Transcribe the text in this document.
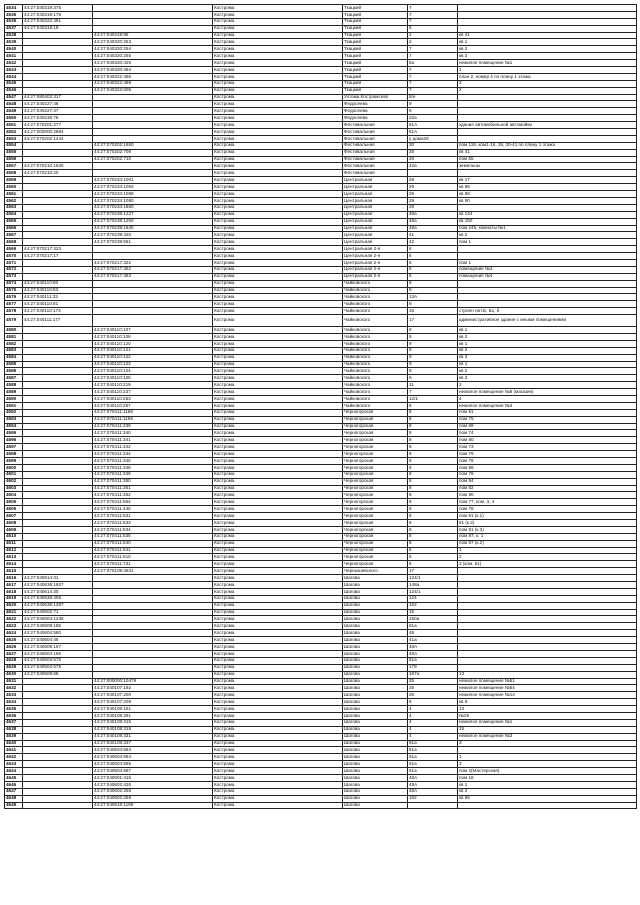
4534	44:27:040319:375		Кострома	Ткацкий	7	
4535	44:27:040319:176		Кострома	Ткацкий	7	
4536	44:27:040322:491		Кострома	Ткацкий	7	
4537	44:27:040318:19		Кострома	Ткацкий	6	
4538		44:27:040319:95	Кострома	Ткацкий	2	кв 41
4539		44:27:040320:253	Кострома	Ткацкий	2	кв 1
4540		44:27:040320:254	Кострома	Ткацкий	7	кв 2
4541		44:27:040320:255	Кострома	Ткацкий	7	кв 3
4542		44:27:040320:425	Кострома	Ткацкий	5а	нежилое помещение №1
4543		44:27:040320:484	Кострома	Ткацкий	7	1
4544		44:27:040322:486	Кострома	Ткацкий	7	план 2, номер 4 по плану 1 этажа
4545		44:27:040322:488	Кострома	Ткацкий	7	3
4546		44:27:040322:605	Кострома	Ткацкий	7	2
4547	44:27:080402:317		Кострома	Ухтома Костромской	8/н	
4548	44:27:040227:48		Кострома	Федосеева	9	
4549	44:27:040227:47		Кострома	Федосеева	9	
4550	44:27:040235:78		Кострома	Федосеева	22а	
4551	44:27:070201:277		Кострома	Фестивальная	61А	здание автомобильной автомойки
4552	44:27:000000:2884		Кострома	Фестивальная	61А	
4553	44:27:070202:1444		Кострома	Фестивальная	у дома28	
4554		44:27:070202:1650	Кострома	Фестивальная	30	пом 119, ком1-16, 19, 30-41 по плану 1 этажа
4555		44:27:070202:709	Кострома	Фестивальная	26	кв 41
4556		44:27:070202:710	Кострома	Фестивальная	26	пом 55
4557	44:27:070210:1626		Кострома	Фестивальная	42а	земельны
4558	44:27:070210:20		Кострома	Фестивальная		
4559		44:27:070234:1001	Кострома	Центральная	29	кв 17
4560		44:27:070234:1083	Кострома	Центральная	29	кв 85
4561		44:27:070234:1089	Кострома	Центральная	29	кв 88
4562		44:27:070234:1090	Кострома	Центральная	29	кв 90
4563		44:27:070234:1860	Кострома	Центральная	29	
4564		44:27:070238:1227	Кострома	Центральная	48а	кв 144
4565		44:27:070238:1250	Кострома	Центральная	48а	кв 150
4566		44:27:070239:1840	Кострома	Центральная	48а	пом 245, комнаты №1
4567		44:27:070239:420	Кострома	Центральная	41	кв 2
4568		44:27:070239:551	Кострома	Центральная	42	пом 1
4569	44:27:070217:323		Кострома	Центральная 2-я	6	
4570	44:27:070217:17		Кострома	Центральная 2-я	6	
4571		44:27:070217:322	Кострома	Центральная 2-я	6	пом 1
4572		44:27:070217:362	Кострома	Центральная 2-я	6	помещение №3
4573		44:27:070217:363	Кострома	Центральная 2-я	6	помещение №4
4574	44:27:040110:80		Кострома	Чайковского	9	
4575	44:27:040110:83		Кострома	Чайковского	9	
4576	44:27:040111:33		Кострома	Чайковского	13А	
4577	44:27:040110:81		Кострома	Чайковского	9	
4578	44:27:040110:173		Кострома	Чайковского	16	строен лит.Б, Б1, б
4579	44:27:040111:177		Кострома	Чайковского	17	административное здание с иными помещениями
4580		44:27:040110:107	Кострома	Чайковского	9	кв 1
4581		44:27:040110:108	Кострома	Чайковского	9	кв 2
4582		44:27:040110:120	Кострома	Чайковского	9	кв 1
4583		44:27:040110:121	Кострома	Чайковского	9	кв 2
4584		44:27:040110:122	Кострома	Чайковского	9	кв 3
4585		44:27:040110:123	Кострома	Чайковского	9	кв 1
4586		44:27:040110:124	Кострома	Чайковского	9	кв 2
4587		44:27:040110:125	Кострома	Чайковского	9	кв 3
4588		44:27:040110:219	Кострома	Чайковского	11	2
4589		44:27:040110:237	Кострома	Чайковского	7	нежилое помещение №8 (магазин)
4590		44:27:040110:253	Кострома	Чайковского	12/1	4
4591		44:27:040110:257	Кострома	Чайковского	6	нежилое помещение №4
4592		44:27:070411:1168	Кострома	Черногорская	8	пом 81
4593		44:27:070411:1169	Кострома	Черногорская	8	пом 75
4594		44:27:070411:339	Кострома	Черногорская	8	пом 69
4595		44:27:070411:340	Кострома	Черногорская	8	пом 74
4596		44:27:070411:341	Кострома	Черногорская	8	пом 80
4597		44:27:070411:342	Кострома	Черногорская	8	пом 73
4598		44:27:070411:344	Кострома	Черногорская	8	пом 79
4599		44:27:070411:345	Кострома	Черногорская	8	пом 76
4600		44:27:070411:348	Кострома	Черногорская	8	пом 86
4601		44:27:070411:349	Кострома	Черногорская	8	пом 78
4602		44:27:070411:350	Кострома	Черногорская	8	пом 84
4603		44:27:070411:351	Кострома	Черногорская	8	пом 82
4604		44:27:070411:352	Кострома	Черногорская	8	пом 90
4605		44:27:070411:554	Кострома	Черногорская	8	пом 77, ком. 3, 4
4606		44:27:070411:445	Кострома	Черногорская	8	пом 78
4607		44:27:070411:531	Кострома	Черногорская	8	пом 81 (к.1)
4608		44:27:070411:533	Кострома	Черногорская	8	81 (к.2)
4609		44:27:070411:534	Кострома	Черногорская	8	пом 81 (к.3)
4610		44:27:070411:535	Кострома	Черногорская	8	пом 87, к. 1
4611		44:27:070411:540	Кострома	Черногорская	8	пом 87 (к.2)
4612		44:27:070411:541	Кострома	Черногорская	6	1
4613		44:27:070411:610	Кострома	Черногорская	6	2
4614		44:27:070411:731	Кострома	Черногорская	6	3 (ком. 61)
4615		44:27:070109:4631	Кострома	Чернышевского	17	
4616	44:27:040614:31		Кострома	Шагова	124/1	
4617	44:27:040636:1627		Кострома	Шагова	148а	
4618	44:27:040614:30		Кострома	Шагова	124/1	
4619	44:27:040635:406		Кострома	Шагова	124	
4620	44:27:040636:1287		Кострома	Шагова	152	
4621	44:27:040502:71		Кострома	Шагова	15	
4622	44:27:040604:1238		Кострома	Шагова	150а	
4623	44:27:040609:185		Кострома	Шагова	61а	
4624	44:27:040604:580		Кострома	Шагова	48	
4625	44:27:040504:45		Кострома	Шагова	41а	
4626	44:27:040609:167		Кострома	Шагова	48А	
4627	44:27:040604:166		Кострома	Шагова	48А	
4628	44:27:040504:575		Кострома	Шагова	61а	
4629	44:27:040504:575		Кострома	Шагова	179	
4630	44:27:040608:68		Кострома	Шагова	197а	13
4631		44:27:000000:10479	Кострома	Шагова	25	нежилое помещение №51
4632		44:27:040107:192	Кострома	Шагова	25	нежилое помещение №54
4633		44:27:040107:200	Кострома	Шагова	25	нежилое помещение №14
4634		44:27:040107:209	Кострома	Шагова	6	кв 8
4635		44:27:040108:151	Кострома	Шагова	4	13
4636		44:27:040108:291	Кострома	Шагова	4	№29
4637		44:27:040108:315	Кострома	Шагова	4	нежилое помещение №1
4638		44:27:040108:319	Кострома	Шагова	4	15
4639		44:27:040108:331	Кострома	Шагова	4	нежилое помещение №3
4640		44:27:040108:337	Кострома	Шагова	61а	3
4641		44:27:040504:583	Кострома	Шагова	61а	
4642		44:27:040504:584	Кострома	Шагова	61а	1
4643		44:27:040504:585	Кострома	Шагова	61а	3
4644		44:27:040504:587	Кострома	Шагова	61а	пом 2(Мастерская)
4645		44:27:040601:415	Кострома	Шагова	48А	пом 18
4646		44:27:040602:426	Кострома	Шагова	48А	кв 1
4647		44:27:040602:258	Кострома	Шагова	48А	кв 2
4648		44:27:040602:259	Кострома	Шагова	152	кв 86
4649		44:27:040618:1196	Кострома	Шагова		
